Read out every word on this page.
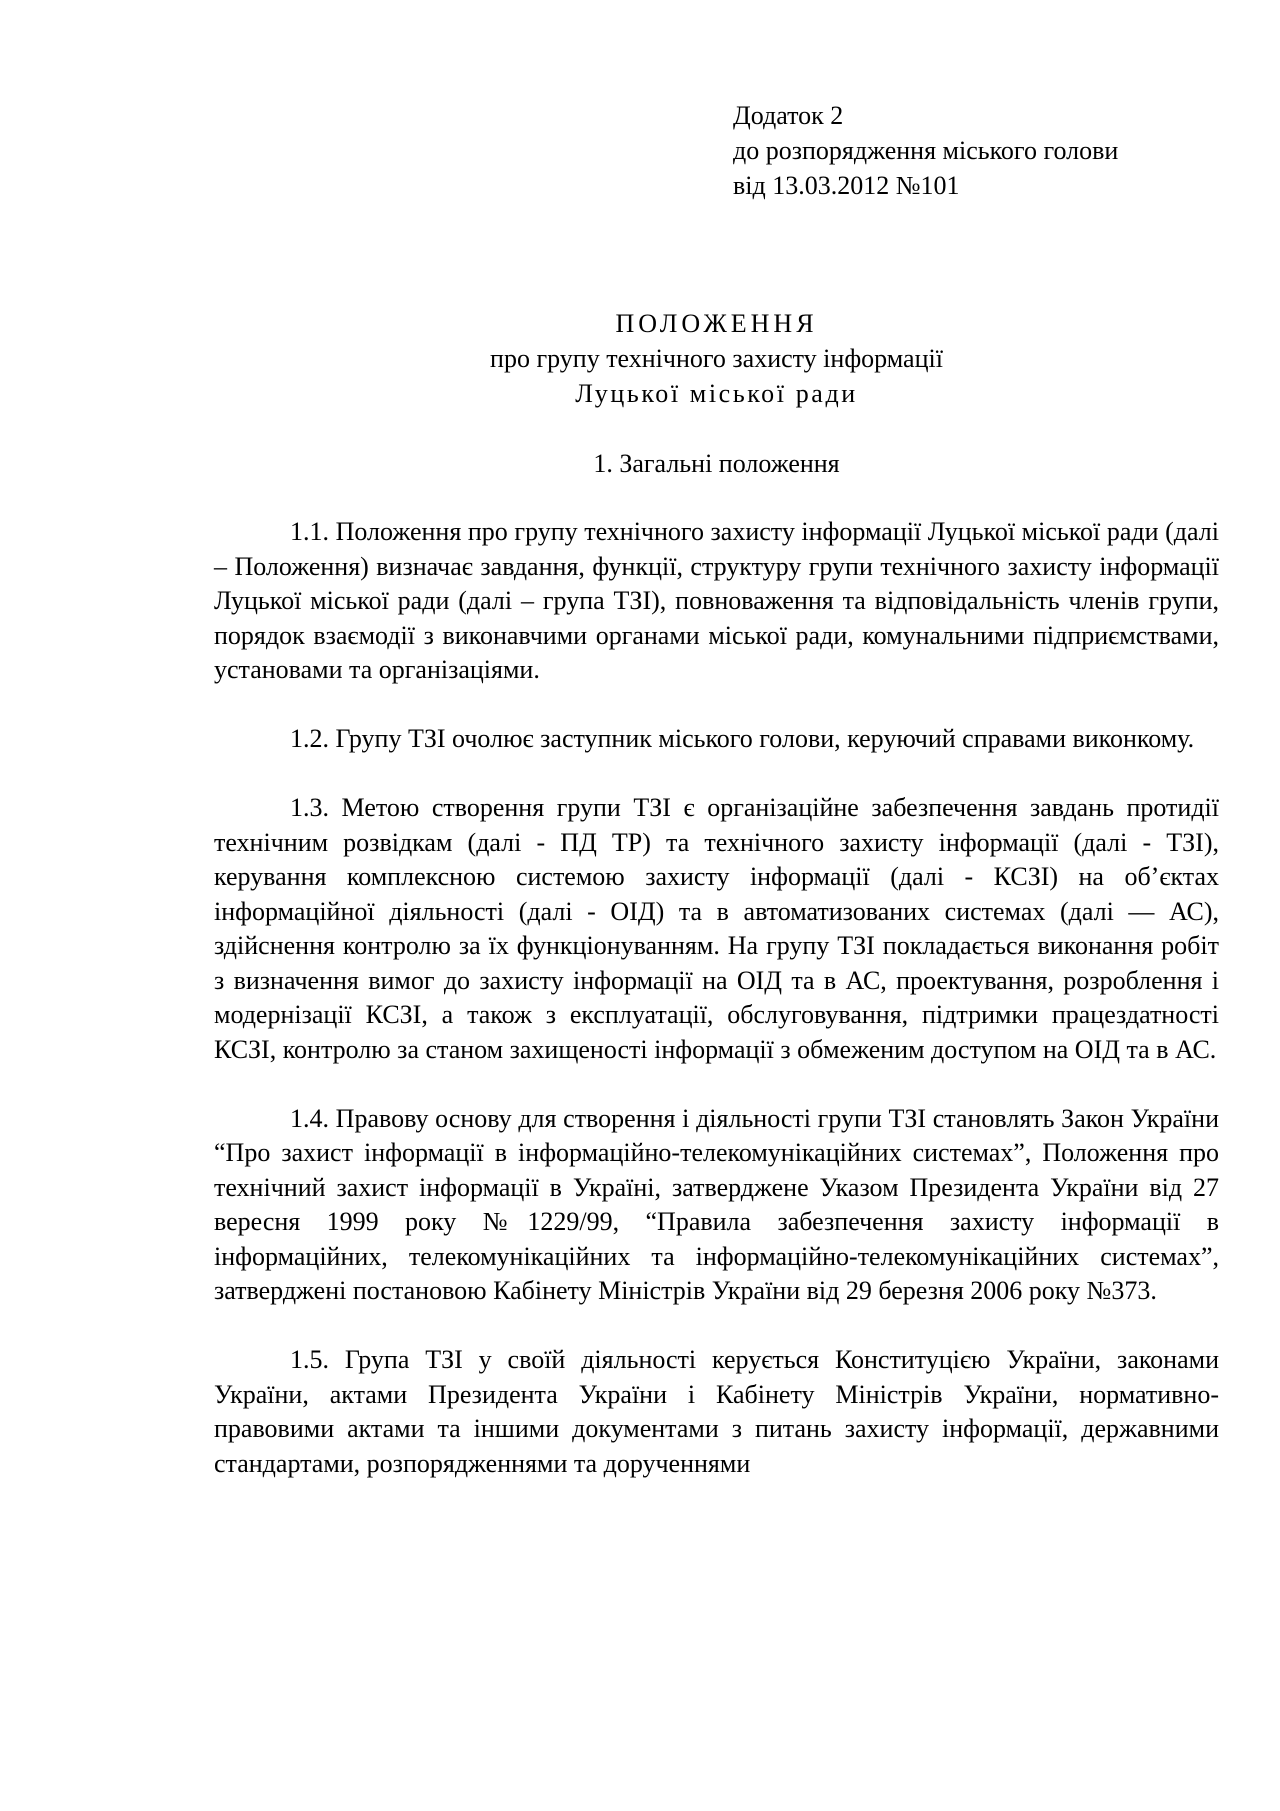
Додаток 2
до розпорядження міського голови
від 13.03.2012 №101
ПОЛОЖЕННЯ
про групу технічного захисту інформації
Луцької міської ради
1. Загальні положення

1.1. Положення про групу технічного захисту інформації Луцької міської ради (далі – Положення) визначає завдання, функції, структуру групи технічного захисту інформації Луцької міської ради (далі – група ТЗІ), повноваження та відповідальність членів групи, порядок взаємодії з виконавчими органами міської ради, комунальними підприємствами, установами та організаціями.

1.2. Групу ТЗІ очолює заступник міського голови, керуючий справами виконкому.

1.3. Метою створення групи ТЗІ є організаційне забезпечення завдань протидії технічним розвідкам (далі - ПД ТР) та технічного захисту інформації (далі - ТЗІ), керування комплексною системою захисту інформації (далі - КСЗІ) на об’єктах інформаційної діяльності (далі - ОІД) та в автоматизованих системах (далі — АС), здійснення контролю за їх функціонуванням. На групу ТЗІ покладається виконання робіт з визначення вимог до захисту інформації на ОІД та в АС, проектування, розроблення і модернізації КСЗІ, а також з експлуатації, обслуговування, підтримки працездатності КСЗІ, контролю за станом захищеності інформації з обмеженим доступом на ОІД та в АС.

1.4. Правову основу для створення і діяльності групи ТЗІ становлять Закон України “Про захист інформації в інформаційно-телекомунікаційних системах”, Положення про технічний захист інформації в Україні, затверджене Указом Президента України від 27 вересня 1999 року №1229/99, “Правила забезпечення захисту інформації в інформаційних, телекомунікаційних та інформаційно-телекомунікаційних системах”, затверджені постановою Кабінету Міністрів України від 29 березня 2006 року №373.

1.5. Група ТЗІ у своїй діяльності керується Конституцією України, законами України, актами Президента України і Кабінету Міністрів України, нормативно-правовими актами та іншими документами з питань захисту інформації, державними стандартами, розпорядженнями та дорученнями
